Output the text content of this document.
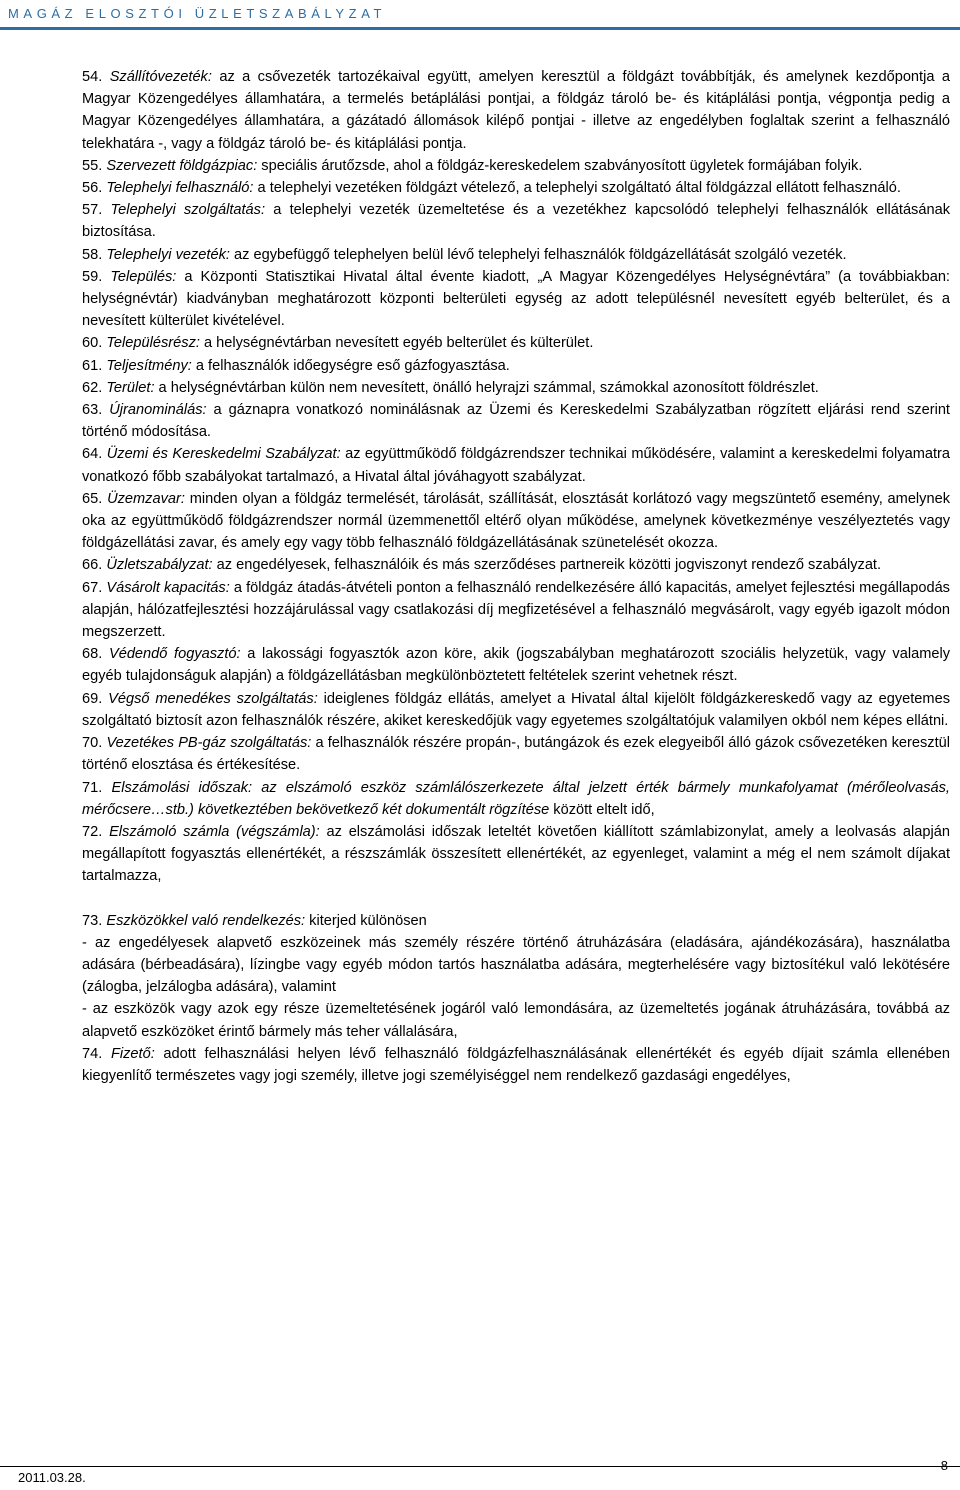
MAGÁZ ELOSZTÓI ÜZLETSZABÁLYZAT

54. Szállítóvezeték: az a csővezeték tartozékaival együtt, amelyen keresztül a földgázt továbbítják, és amelynek kezdőpontja a Magyar Közengedélyes államhatára, a termelés betáplálási pontjai, a földgáz tároló be- és kitáplálási pontja, végpontja pedig a Magyar Közengedélyes államhatára, a gázátadó állomások kilépő pontjai - illetve az engedélyben foglaltak szerint a felhasználó telekhatára -, vagy a földgáz tároló be- és kitáplálási pontja.

55. Szervezett földgázpiac: speciális árutőzsde, ahol a földgáz-kereskedelem szabványosított ügyletek formájában folyik.

56. Telephelyi felhasználó: a telephelyi vezetéken földgázt vételező, a telephelyi szolgáltató által földgázzal ellátott felhasználó.

57. Telephelyi szolgáltatás: a telephelyi vezeték üzemeltetése és a vezetékhez kapcsolódó telephelyi felhasználók ellátásának biztosítása.

58. Telephelyi vezeték: az egybefüggő telephelyen belül lévő telephelyi felhasználók földgázellátását szolgáló vezeték.

59. Település: a Központi Statisztikai Hivatal által évente kiadott, „A Magyar Közengedélyes Helységnévtára” (a továbbiakban: helységnévtár) kiadványban meghatározott központi belterületi egység az adott településnél nevesített egyéb belterület, és a nevesített külterület kivételével.

60. Településrész: a helységnévtárban nevesített egyéb belterület és külterület.

61. Teljesítmény: a felhasználók időegységre eső gázfogyasztása.

62. Terület: a helységnévtárban külön nem nevesített, önálló helyrajzi számmal, számokkal azonosított földrészlet.

63. Újranominálás: a gáznapra vonatkozó nominálásnak az Üzemi és Kereskedelmi Szabályzatban rögzített eljárási rend szerint történő módosítása.

64. Üzemi és Kereskedelmi Szabályzat: az együttműködő földgázrendszer technikai működésére, valamint a kereskedelmi folyamatra vonatkozó főbb szabályokat tartalmazó, a Hivatal által jóváhagyott szabályzat.

65. Üzemzavar: minden olyan a földgáz termelését, tárolását, szállítását, elosztását korlátozó vagy megszüntető esemény, amelynek oka az együttműködő földgázrendszer normál üzemmenettől eltérő olyan működése, amelynek következménye veszélyeztetés vagy földgázellátási zavar, és amely egy vagy több felhasználó földgázellátásának szünetelését okozza.

66. Üzletszabályzat: az engedélyesek, felhasználóik és más szerződéses partnereik közötti jogviszonyt rendező szabályzat.

67. Vásárolt kapacitás: a földgáz átadás-átvételi ponton a felhasználó rendelkezésére álló kapacitás, amelyet fejlesztési megállapodás alapján, hálózatfejlesztési hozzájárulással vagy csatlakozási díj megfizetésével a felhasználó megvásárolt, vagy egyéb igazolt módon megszerzett.

68. Védendő fogyasztó: a lakossági fogyasztók azon köre, akik (jogszabályban meghatározott szociális helyzetük, vagy valamely egyéb tulajdonságuk alapján) a földgázellátásban megkülönböztetett feltételek szerint vehetnek részt.

69. Végső menedékes szolgáltatás: ideiglenes földgáz ellátás, amelyet a Hivatal által kijelölt földgázkereskedő vagy az egyetemes szolgáltató biztosít azon felhasználók részére, akiket kereskedőjük vagy egyetemes szolgáltatójuk valamilyen okból nem képes ellátni.

70. Vezetékes PB-gáz szolgáltatás: a felhasználók részére propán-, butángázok és ezek elegyeiből álló gázok csővezetéken keresztül történő elosztása és értékesítése.

71. Elszámolási időszak: az elszámoló eszköz számlálószerkezete által jelzett érték bármely munkafolyamat (mérőleolvasás, mérőcsere…stb.) következtében bekövetkező két dokumentált rögzítése között eltelt idő,

72. Elszámoló számla (végszámla): az elszámolási időszak leteltét követően kiállított számlabizonylat, amely a leolvasás alapján megállapított fogyasztás ellenértékét, a részszámlák összesített ellenértékét, az egyenleget, valamint a még el nem számolt díjakat tartalmazza,

73. Eszközökkel való rendelkezés: kiterjed különösen

- az engedélyesek alapvető eszközeinek más személy részére történő átruházására (eladására, ajándékozására), használatba adására (bérbeadására), lízingbe vagy egyéb módon tartós használatba adására, megterhelésére vagy biztosítékul való lekötésére (zálogba, jelzálogba adására), valamint

- az eszközök vagy azok egy része üzemeltetésének jogáról való lemondására, az üzemeltetés jogának átruházására, továbbá az alapvető eszközöket érintő bármely más teher vállalására,

74. Fizető: adott felhasználási helyen lévő felhasználó földgázfelhasználásának ellenértékét és egyéb díjait számla ellenében kiegyenlítő természetes vagy jogi személy, illetve jogi személyiséggel nem rendelkező gazdasági engedélyes,

2011.03.28.
8
